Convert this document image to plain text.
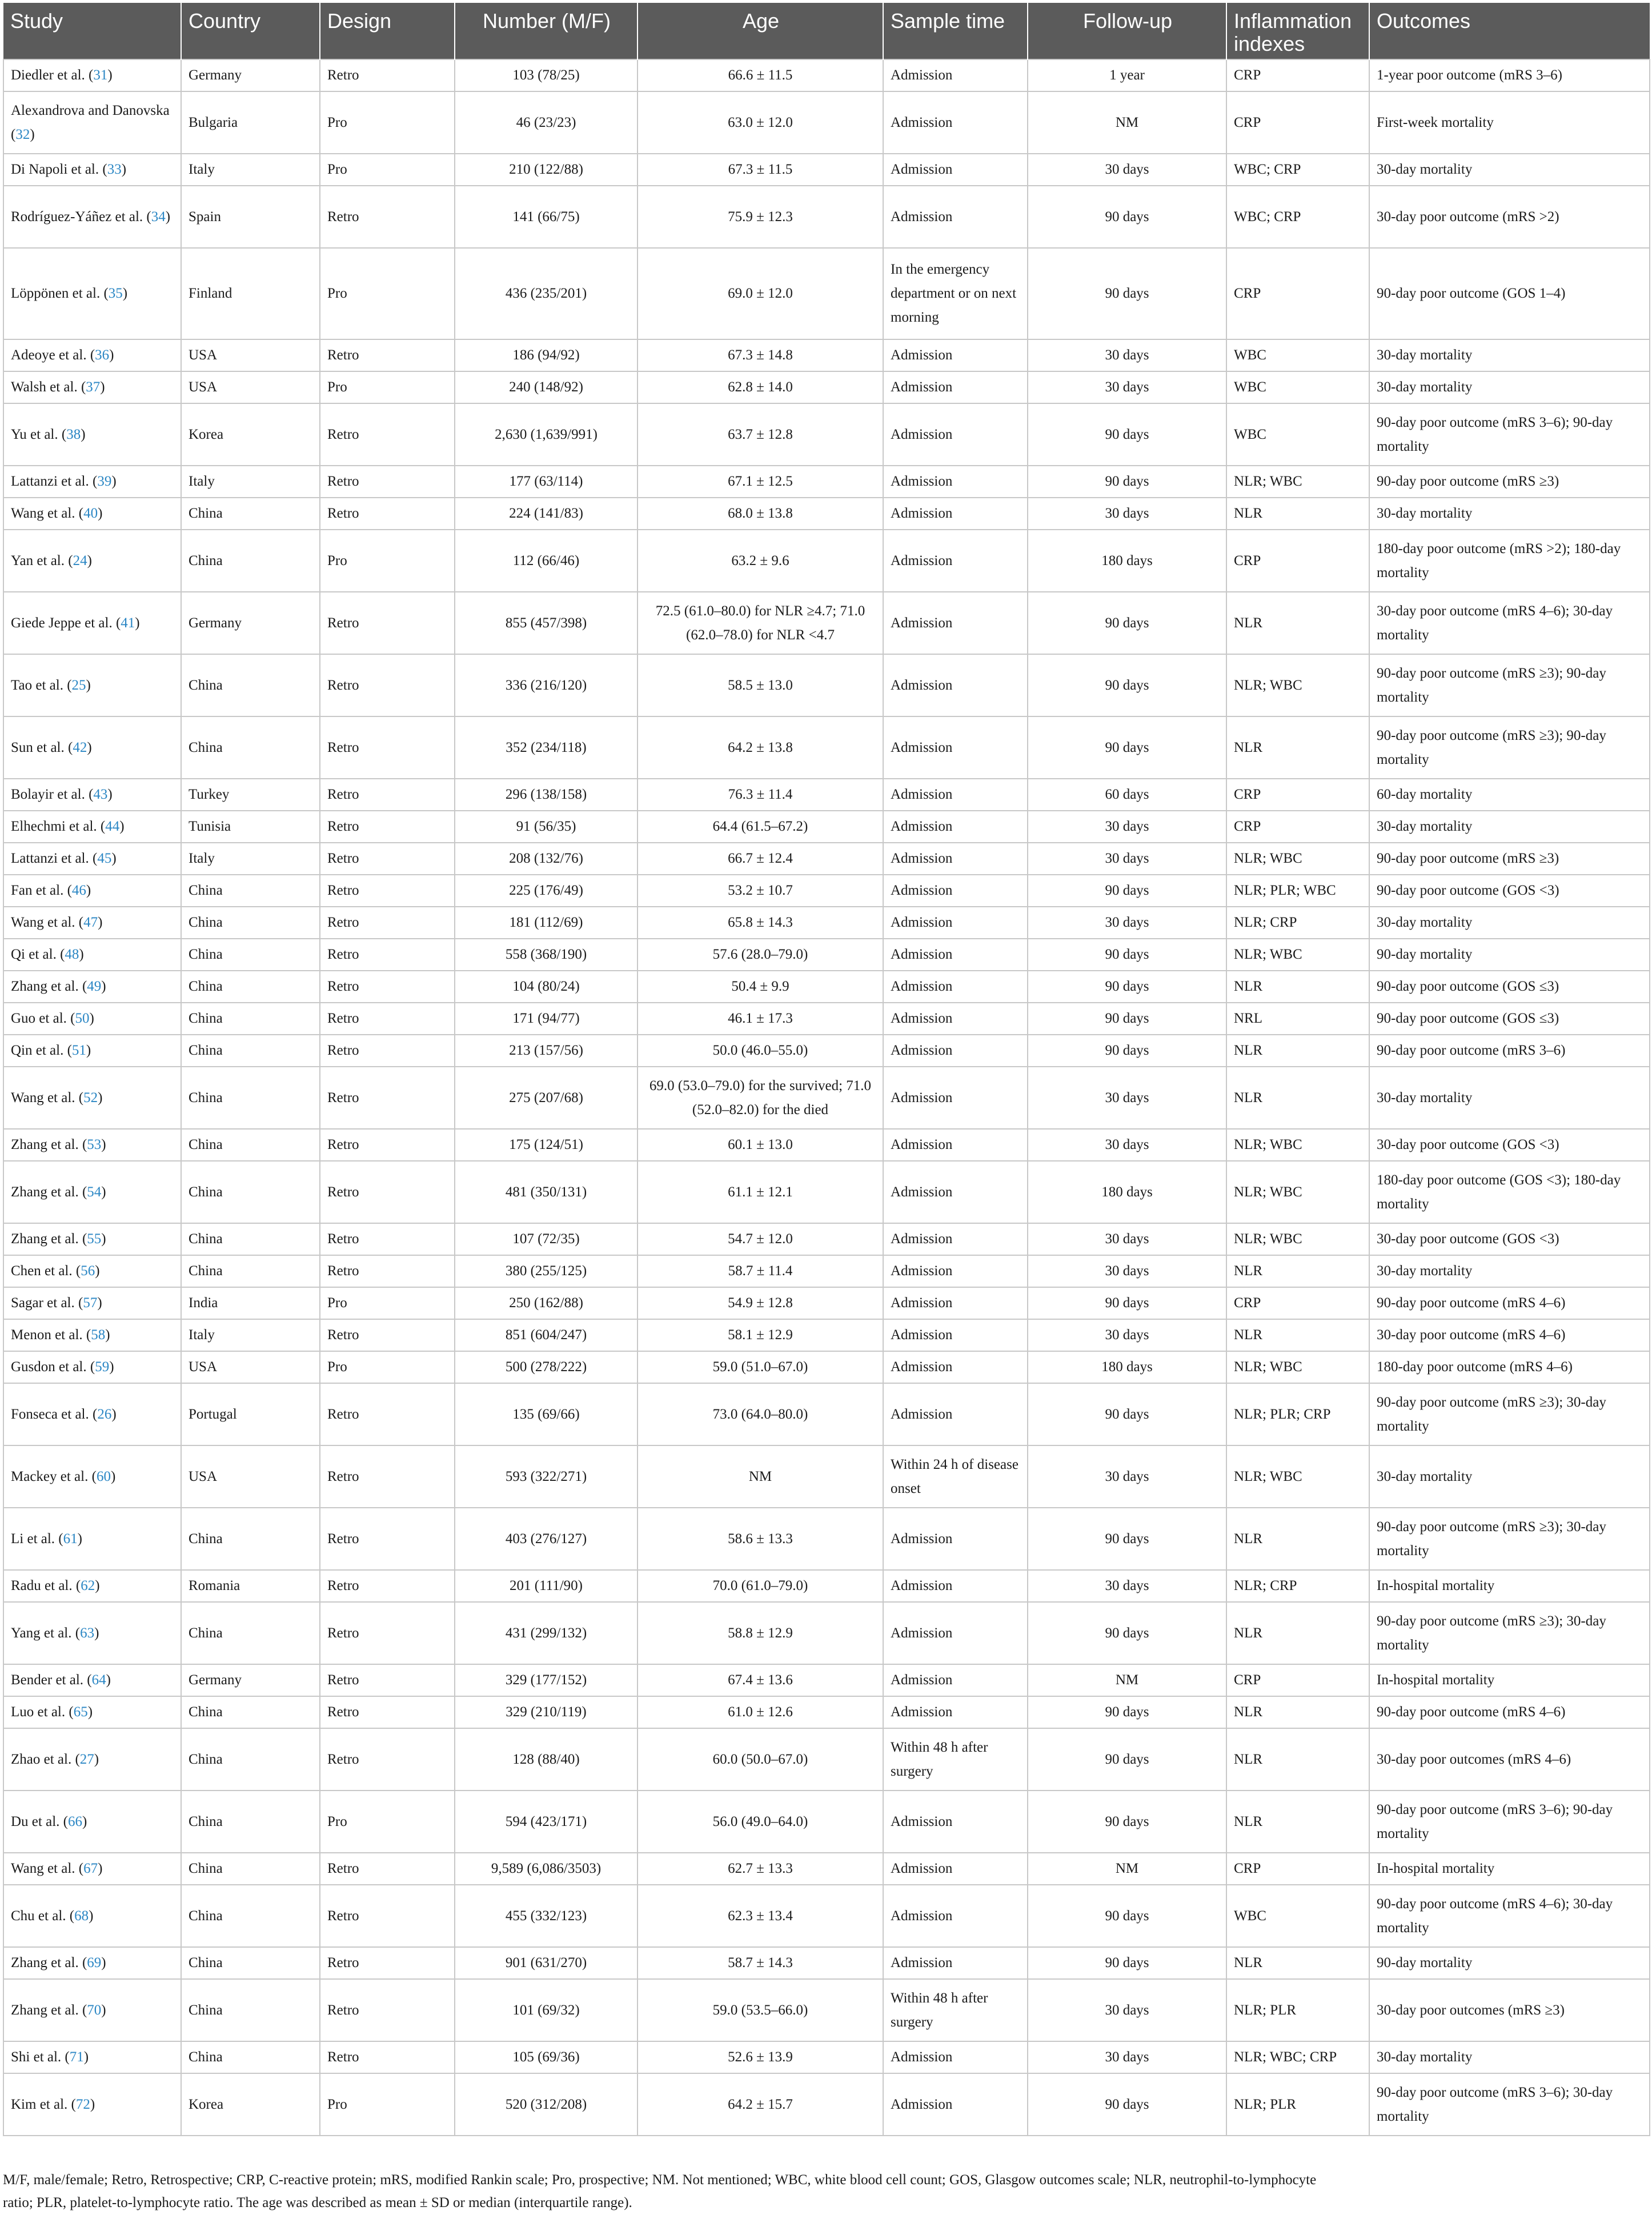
Study	Country	Design	Number (M/F)	Age	Sample time	Follow-up	Inflammation indexes	Outcomes
Diedler et al. (31)	Germany	Retro	103 (78/25)	66.6 ± 11.5	Admission	1 year	CRP	1-year poor outcome (mRS 3–6)
Alexandrova and Danovska (32)	Bulgaria	Pro	46 (23/23)	63.0 ± 12.0	Admission	NM	CRP	First-week mortality
Di Napoli et al. (33)	Italy	Pro	210 (122/88)	67.3 ± 11.5	Admission	30 days	WBC; CRP	30-day mortality
Rodríguez-Yáñez et al. (34)	Spain	Retro	141 (66/75)	75.9 ± 12.3	Admission	90 days	WBC; CRP	30-day poor outcome (mRS >2)
Löppönen et al. (35)	Finland	Pro	436 (235/201)	69.0 ± 12.0	In the emergency department or on next morning	90 days	CRP	90-day poor outcome (GOS 1–4)
Adeoye et al. (36)	USA	Retro	186 (94/92)	67.3 ± 14.8	Admission	30 days	WBC	30-day mortality
Walsh et al. (37)	USA	Pro	240 (148/92)	62.8 ± 14.0	Admission	30 days	WBC	30-day mortality
Yu et al. (38)	Korea	Retro	2,630 (1,639/991)	63.7 ± 12.8	Admission	90 days	WBC	90-day poor outcome (mRS 3–6); 90-day mortality
Lattanzi et al. (39)	Italy	Retro	177 (63/114)	67.1 ± 12.5	Admission	90 days	NLR; WBC	90-day poor outcome (mRS ≥3)
Wang et al. (40)	China	Retro	224 (141/83)	68.0 ± 13.8	Admission	30 days	NLR	30-day mortality
Yan et al. (24)	China	Pro	112 (66/46)	63.2 ± 9.6	Admission	180 days	CRP	180-day poor outcome (mRS >2); 180-day mortality
Giede Jeppe et al. (41)	Germany	Retro	855 (457/398)	72.5 (61.0–80.0) for NLR ≥4.7; 71.0 (62.0–78.0) for NLR <4.7	Admission	90 days	NLR	30-day poor outcome (mRS 4–6); 30-day mortality
Tao et al. (25)	China	Retro	336 (216/120)	58.5 ± 13.0	Admission	90 days	NLR; WBC	90-day poor outcome (mRS ≥3); 90-day mortality
Sun et al. (42)	China	Retro	352 (234/118)	64.2 ± 13.8	Admission	90 days	NLR	90-day poor outcome (mRS ≥3); 90-day mortality
Bolayir et al. (43)	Turkey	Retro	296 (138/158)	76.3 ± 11.4	Admission	60 days	CRP	60-day mortality
Elhechmi et al. (44)	Tunisia	Retro	91 (56/35)	64.4 (61.5–67.2)	Admission	30 days	CRP	30-day mortality
Lattanzi et al. (45)	Italy	Retro	208 (132/76)	66.7 ± 12.4	Admission	30 days	NLR; WBC	90-day poor outcome (mRS ≥3)
Fan et al. (46)	China	Retro	225 (176/49)	53.2 ± 10.7	Admission	90 days	NLR; PLR; WBC	90-day poor outcome (GOS <3)
Wang et al. (47)	China	Retro	181 (112/69)	65.8 ± 14.3	Admission	30 days	NLR; CRP	30-day mortality
Qi et al. (48)	China	Retro	558 (368/190)	57.6 (28.0–79.0)	Admission	90 days	NLR; WBC	90-day mortality
Zhang et al. (49)	China	Retro	104 (80/24)	50.4 ± 9.9	Admission	90 days	NLR	90-day poor outcome (GOS ≤3)
Guo et al. (50)	China	Retro	171 (94/77)	46.1 ± 17.3	Admission	90 days	NRL	90-day poor outcome (GOS ≤3)
Qin et al. (51)	China	Retro	213 (157/56)	50.0 (46.0–55.0)	Admission	90 days	NLR	90-day poor outcome (mRS 3–6)
Wang et al. (52)	China	Retro	275 (207/68)	69.0 (53.0–79.0) for the survived; 71.0 (52.0–82.0) for the died	Admission	30 days	NLR	30-day mortality
Zhang et al. (53)	China	Retro	175 (124/51)	60.1 ± 13.0	Admission	30 days	NLR; WBC	30-day poor outcome (GOS <3)
Zhang et al. (54)	China	Retro	481 (350/131)	61.1 ± 12.1	Admission	180 days	NLR; WBC	180-day poor outcome (GOS <3); 180-day mortality
Zhang et al. (55)	China	Retro	107 (72/35)	54.7 ± 12.0	Admission	30 days	NLR; WBC	30-day poor outcome (GOS <3)
Chen et al. (56)	China	Retro	380 (255/125)	58.7 ± 11.4	Admission	30 days	NLR	30-day mortality
Sagar et al. (57)	India	Pro	250 (162/88)	54.9 ± 12.8	Admission	90 days	CRP	90-day poor outcome (mRS 4–6)
Menon et al. (58)	Italy	Retro	851 (604/247)	58.1 ± 12.9	Admission	30 days	NLR	30-day poor outcome (mRS 4–6)
Gusdon et al. (59)	USA	Pro	500 (278/222)	59.0 (51.0–67.0)	Admission	180 days	NLR; WBC	180-day poor outcome (mRS 4–6)
Fonseca et al. (26)	Portugal	Retro	135 (69/66)	73.0 (64.0–80.0)	Admission	90 days	NLR; PLR; CRP	90-day poor outcome (mRS ≥3); 30-day mortality
Mackey et al. (60)	USA	Retro	593 (322/271)	NM	Within 24 h of disease onset	30 days	NLR; WBC	30-day mortality
Li et al. (61)	China	Retro	403 (276/127)	58.6 ± 13.3	Admission	90 days	NLR	90-day poor outcome (mRS ≥3); 30-day mortality
Radu et al. (62)	Romania	Retro	201 (111/90)	70.0 (61.0–79.0)	Admission	30 days	NLR; CRP	In-hospital mortality
Yang et al. (63)	China	Retro	431 (299/132)	58.8 ± 12.9	Admission	90 days	NLR	90-day poor outcome (mRS ≥3); 30-day mortality
Bender et al. (64)	Germany	Retro	329 (177/152)	67.4 ± 13.6	Admission	NM	CRP	In-hospital mortality
Luo et al. (65)	China	Retro	329 (210/119)	61.0 ± 12.6	Admission	90 days	NLR	90-day poor outcome (mRS 4–6)
Zhao et al. (27)	China	Retro	128 (88/40)	60.0 (50.0–67.0)	Within 48 h after surgery	90 days	NLR	30-day poor outcomes (mRS 4–6)
Du et al. (66)	China	Pro	594 (423/171)	56.0 (49.0–64.0)	Admission	90 days	NLR	90-day poor outcome (mRS 3–6); 90-day mortality
Wang et al. (67)	China	Retro	9,589 (6,086/3503)	62.7 ± 13.3	Admission	NM	CRP	In-hospital mortality
Chu et al. (68)	China	Retro	455 (332/123)	62.3 ± 13.4	Admission	90 days	WBC	90-day poor outcome (mRS 4–6); 30-day mortality
Zhang et al. (69)	China	Retro	901 (631/270)	58.7 ± 14.3	Admission	90 days	NLR	90-day mortality
Zhang et al. (70)	China	Retro	101 (69/32)	59.0 (53.5–66.0)	Within 48 h after surgery	30 days	NLR; PLR	30-day poor outcomes (mRS ≥3)
Shi et al. (71)	China	Retro	105 (69/36)	52.6 ± 13.9	Admission	30 days	NLR; WBC; CRP	30-day mortality
Kim et al. (72)	Korea	Pro	520 (312/208)	64.2 ± 15.7	Admission	90 days	NLR; PLR	90-day poor outcome (mRS 3–6); 30-day mortality
M/F, male/female; Retro, Retrospective; CRP, C-reactive protein; mRS, modified Rankin scale; Pro, prospective; NM. Not mentioned; WBC, white blood cell count; GOS, Glasgow outcomes scale; NLR, neutrophil-to-lymphocyte ratio; PLR, platelet-to-lymphocyte ratio. The age was described as mean ± SD or median (interquartile range).
